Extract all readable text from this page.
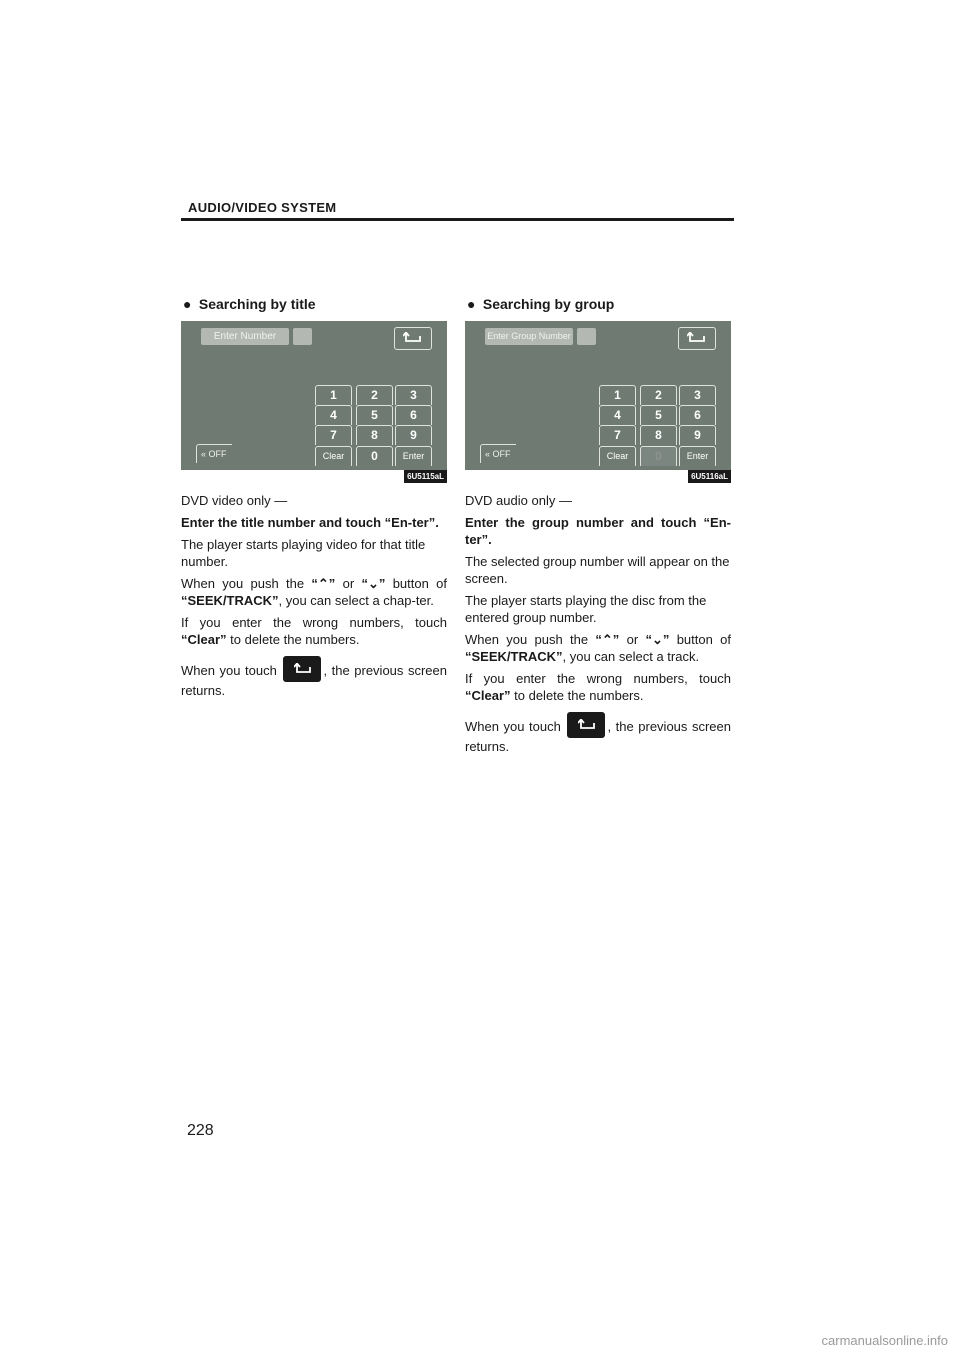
AUDIO/VIDEO SYSTEM
● Searching by title
Enter Number
1	2	3
4	5	6
7	8	9
Clear	0	Enter
« OFF
6U5115aL

DVD video only —

Enter the title number and touch “En-ter”.

The player starts playing video for that title number.

When you push the “⌃” or “⌄” button of “SEEK/TRACK”, you can select a chap-ter.

If you enter the wrong numbers, touch “Clear” to delete the numbers.

When you touch	, the previous screen returns.

● Searching by group
Enter Group Number
1	2	3
4	5	6
7	8	9
Clear	0	Enter
« OFF
6U5116aL

DVD audio only —

Enter the group number and touch “En-ter”.

The selected group number will appear on the screen.

The player starts playing the disc from the entered group number.

When you push the “⌃” or “⌄” button of “SEEK/TRACK”, you can select a track.

If you enter the wrong numbers, touch “Clear” to delete the numbers.

When you touch	, the previous screen returns.

228
carmanualsonline.info
